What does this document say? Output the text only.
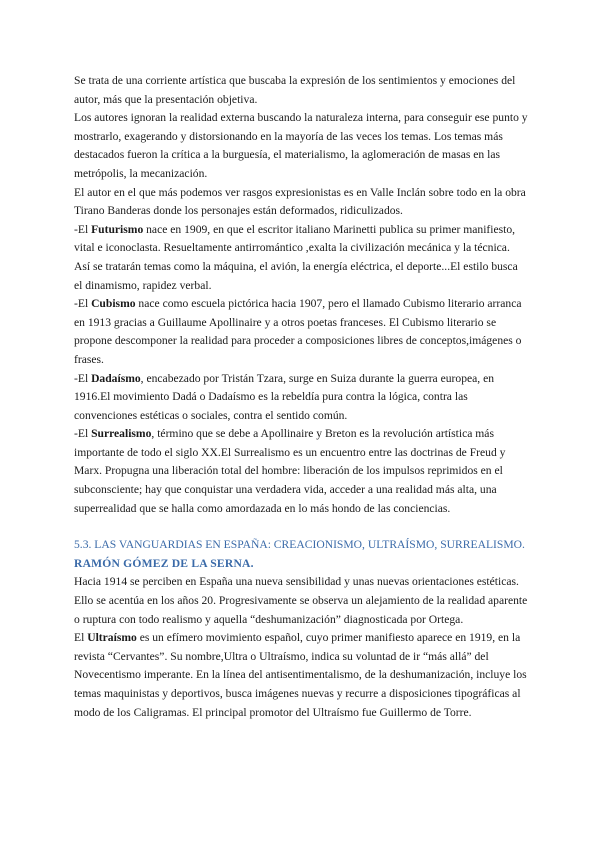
Se trata de una corriente artística que buscaba la expresión de los sentimientos y emociones del autor, más que la presentación objetiva.

Los autores ignoran la realidad externa buscando la naturaleza interna, para conseguir ese punto y mostrarlo, exagerando y distorsionando en la mayoría de las veces los temas. Los temas más destacados fueron la crítica a la burguesía, el materialismo, la aglomeración de masas en las metrópolis, la mecanización.

El autor en el que más podemos ver rasgos expresionistas es en Valle Inclán sobre todo en la obra Tirano Banderas donde los personajes están deformados, ridiculizados.

-El Futurismo nace en 1909, en que el escritor italiano Marinetti publica su primer manifiesto, vital e iconoclasta. Resueltamente antirromántico ,exalta la civilización mecánica y la técnica. Así se tratarán temas como la máquina, el avión, la energía eléctrica, el deporte...El estilo busca el dinamismo, rapidez verbal.

-El Cubismo nace como escuela pictórica hacia 1907, pero el llamado Cubismo literario arranca en 1913 gracias a Guillaume Apollinaire y a otros poetas franceses. El Cubismo literario se propone descomponer la realidad para proceder a composiciones libres de conceptos,imágenes o frases.

-El Dadaísmo, encabezado por Tristán Tzara, surge en Suiza durante la guerra europea, en 1916.El movimiento Dadá o Dadaísmo es la rebeldía pura contra la lógica, contra las convenciones estéticas o sociales, contra el sentido común.

-El Surrealismo, término que se debe a Apollinaire y Breton es la revolución artística más importante de todo el siglo XX.El Surrealismo es un encuentro entre las doctrinas de Freud y Marx. Propugna una liberación total del hombre: liberación de los impulsos reprimidos en el subconsciente; hay que conquistar una verdadera vida, acceder a una realidad más alta, una superrealidad que se halla como amordazada en lo más hondo de las conciencias.

5.3. LAS VANGUARDIAS EN ESPAÑA: CREACIONISMO, ULTRAÍSMO, SURREALISMO.

RAMÓN GÓMEZ DE LA SERNA.

Hacia 1914 se perciben en España una nueva sensibilidad y unas nuevas orientaciones estéticas. Ello se acentúa en los años 20. Progresivamente se observa un alejamiento de la realidad aparente o ruptura con todo realismo y aquella “deshumanización” diagnosticada por Ortega.

El Ultraísmo es un efímero movimiento español, cuyo primer manifiesto aparece en 1919, en la revista “Cervantes”. Su nombre,Ultra o Ultraísmo, indica su voluntad de ir “más allá” del Novecentismo imperante. En la línea del antisentimentalismo, de la deshumanización, incluye los temas maquinistas y deportivos, busca imágenes nuevas y recurre a disposiciones tipográficas al modo de los Caligramas. El principal promotor del Ultraísmo fue Guillermo de Torre.
